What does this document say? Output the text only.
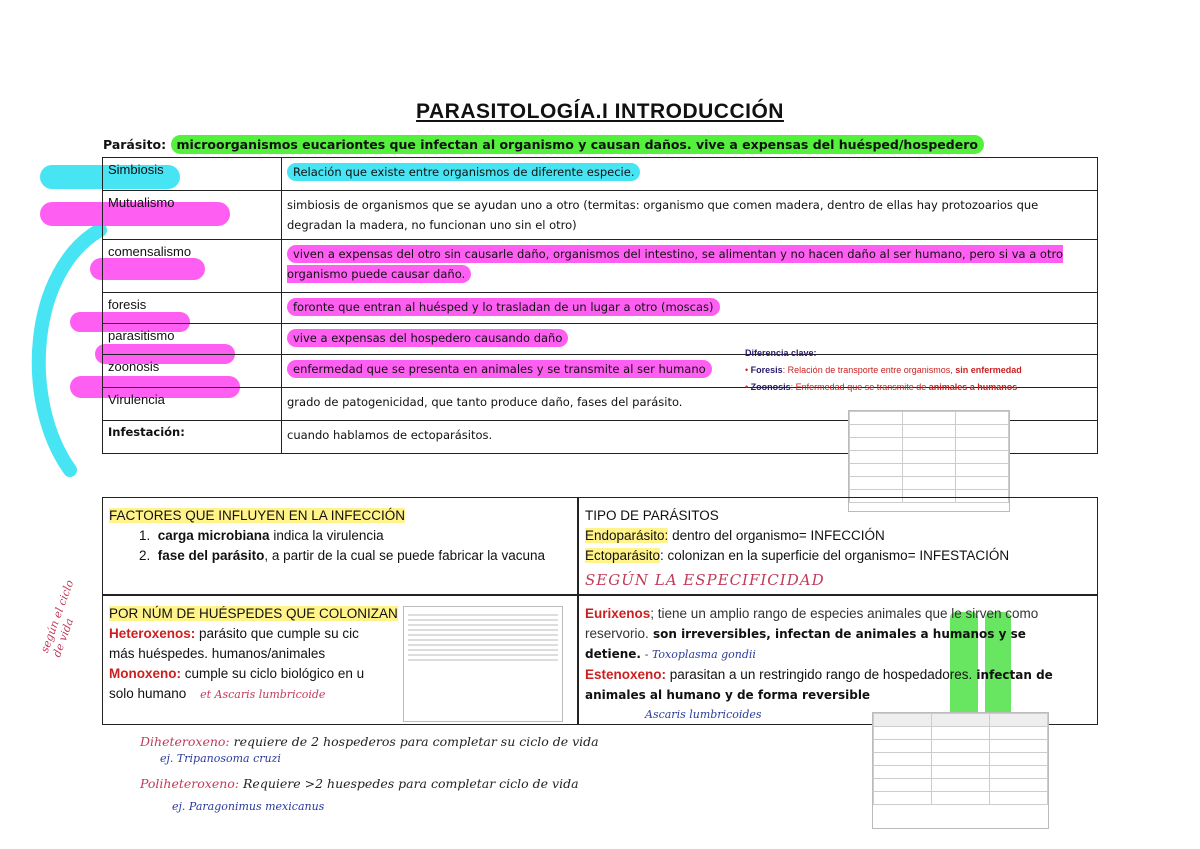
PARASITOLOGÍA.I INTRODUCCIÓN
Parásito: microorganismos eucariontes que infectan al organismo y causan daños. vive a expensas del huésped/hospedero
Simbiosis	Relación que existe entre organismos de diferente especie.
Mutualismo	simbiosis de organismos que se ayudan uno a otro (termitas: organismo que comen madera, dentro de ellas hay protozoarios que degradan la madera, no funcionan uno sin el otro)
comensalismo	viven a expensas del otro sin causarle daño, organismos del intestino, se alimentan y no hacen daño al ser humano, pero si va a otro organismo puede causar daño.
foresis	foronte que entran al huésped y lo trasladan de un lugar a otro (moscas)
parasitismo	vive a expensas del hospedero causando daño
zoonosis	enfermedad que se presenta en animales y se transmite al ser humano
Virulencia	grado de patogenicidad, que tanto produce daño, fases del parásito.
Infestación:	cuando hablamos de ectoparásitos.
Diferencia clave:
• Foresis: Relación de transporte entre organismos, sin enfermedad
• Zoonosis: Enfermedad que se transmite de animales a humanos

FACTORES QUE INFLUYEN EN LA INFECCIÓN
1.  carga microbiana indica la virulencia
2.  fase del parásito, a partir de la cual se puede fabricar la vacuna
TIPO DE PARÁSITOS
Endoparásito: dentro del organismo= INFECCIÓN
Ectoparásito: colonizan en la superficie del organismo= INFESTACIÓN
SEGÚN LA ESPECIFICIDAD
POR NÚM DE HUÉSPEDES QUE COLONIZAN
Heteroxenos: parásito que cumple su cic
más huéspedes. humanos/animales
Monoxeno: cumple su ciclo biológico en u
solo humano et Ascaris lumbricoide
Eurixenos; tiene un amplio rango de especies animales que le sirven como reservorio. son irreversibles, infectan de animales a humanos y se detiene. - Toxoplasma gondii
Estenoxeno: parasitan a un restringido rango de hospedadores. infectan de animales al humano y de forma reversible
Ascaris lumbricoides
según el ciclo de vida

Diheteroxeno: requiere de 2 hospederos para completar su ciclo de vida
ej. Tripanosoma cruzi
Poliheteroxeno: Requiere >2 huespedes para completar ciclo de vida
ej. Paragonimus mexicanus
